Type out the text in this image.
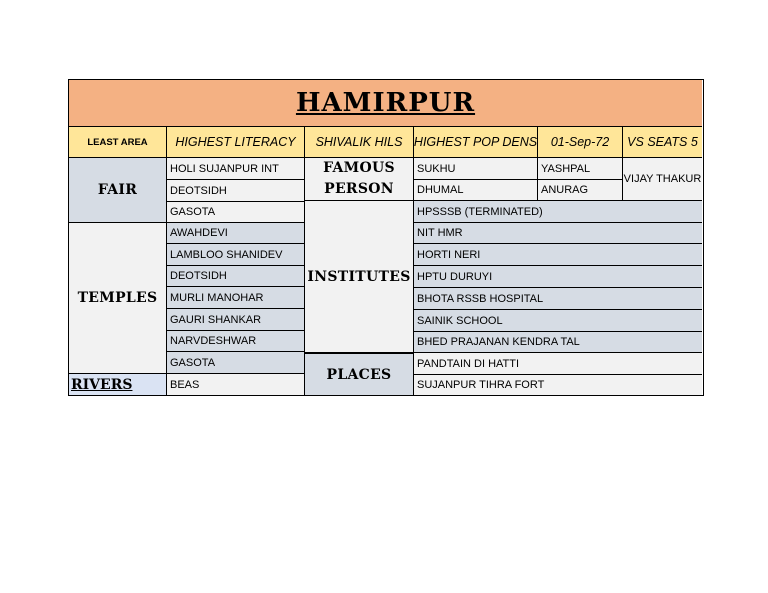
HAMIRPUR
LEAST AREA HIGHEST LITERACY SHIVALIK HILS HIGHEST POP DENS 01-Sep-72 VS SEATS 5
FAIR
HOLI SUJANPUR INT
DEOTSIDH
GASOTA
FAMOUS PERSON
SUKHU
DHUMAL
YASHPAL
ANURAG
VIJAY THAKUR
TEMPLES
AWAHDEVI
LAMBLOO SHANIDEV
DEOTSIDH
MURLI MANOHAR
GAURI SHANKAR
NARVDESHWAR
GASOTA
INSTITUTES
HPSSSB (TERMINATED)
NIT HMR
HORTI NERI
HPTU DURUYI
BHOTA RSSB HOSPITAL
SAINIK SCHOOL
BHED PRAJANAN KENDRA TAL
PLACES
PANDTAIN DI HATTI
SUJANPUR TIHRA FORT
RIVERS	BEAS
